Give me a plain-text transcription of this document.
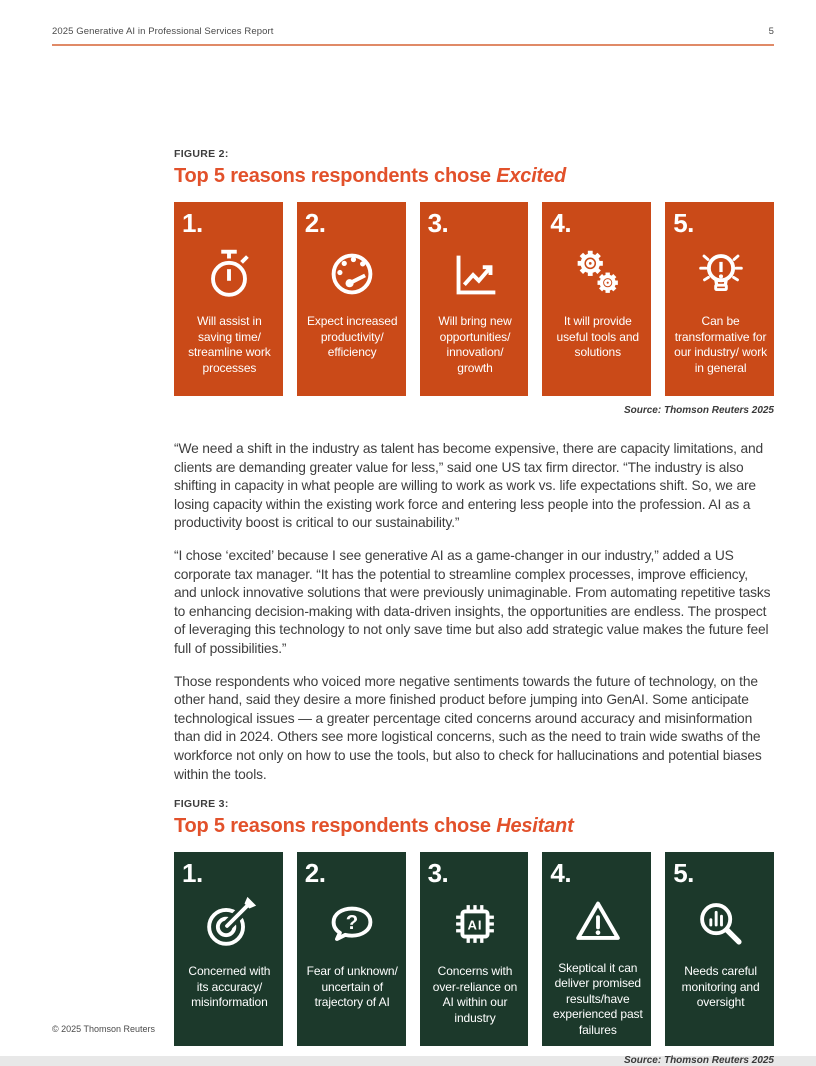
2025 Generative AI in Professional Services Report	5
FIGURE 2:
Top 5 reasons respondents chose Excited
1.
Will assist in saving time/ streamline work processes
2.
Expect increased productivity/ efficiency
3.
Will bring new opportunities/ innovation/ growth
4.
It will provide useful tools and solutions
5.
Can be transformative for our industry/ work in general
Source: Thomson Reuters 2025

“We need a shift in the industry as talent has become expensive, there are capacity limitations, and clients are demanding greater value for less,” said one US tax firm director. “The industry is also shifting in capacity in what people are willing to work as work vs. life expectations shift. So, we are losing capacity within the existing work force and entering less people into the profession. AI as a productivity boost is critical to our sustainability.”

“I chose ‘excited’ because I see generative AI as a game-changer in our industry,” added a US corporate tax manager. “It has the potential to streamline complex processes, improve efficiency, and unlock innovative solutions that were previously unimaginable. From automating repetitive tasks to enhancing decision-making with data-driven insights, the opportunities are endless. The prospect of leveraging this technology to not only save time but also add strategic value makes the future feel full of possibilities.”

Those respondents who voiced more negative sentiments towards the future of technology, on the other hand, said they desire a more finished product before jumping into GenAI. Some anticipate technological issues — a greater percentage cited concerns around accuracy and misinformation than did in 2024. Others see more logistical concerns, such as the need to train wide swaths of the workforce not only on how to use the tools, but also to check for hallucinations and potential biases within the tools.

FIGURE 3:
Top 5 reasons respondents chose Hesitant
1.
Concerned with its accuracy/ misinformation
2.
?
Fear of unknown/ uncertain of trajectory of AI
3.
AI
Concerns with over-reliance on AI within our industry
4.
Skeptical it can deliver promised results/have experienced past failures
5.
Needs careful monitoring and oversight
Source: Thomson Reuters 2025
© 2025 Thomson Reuters
